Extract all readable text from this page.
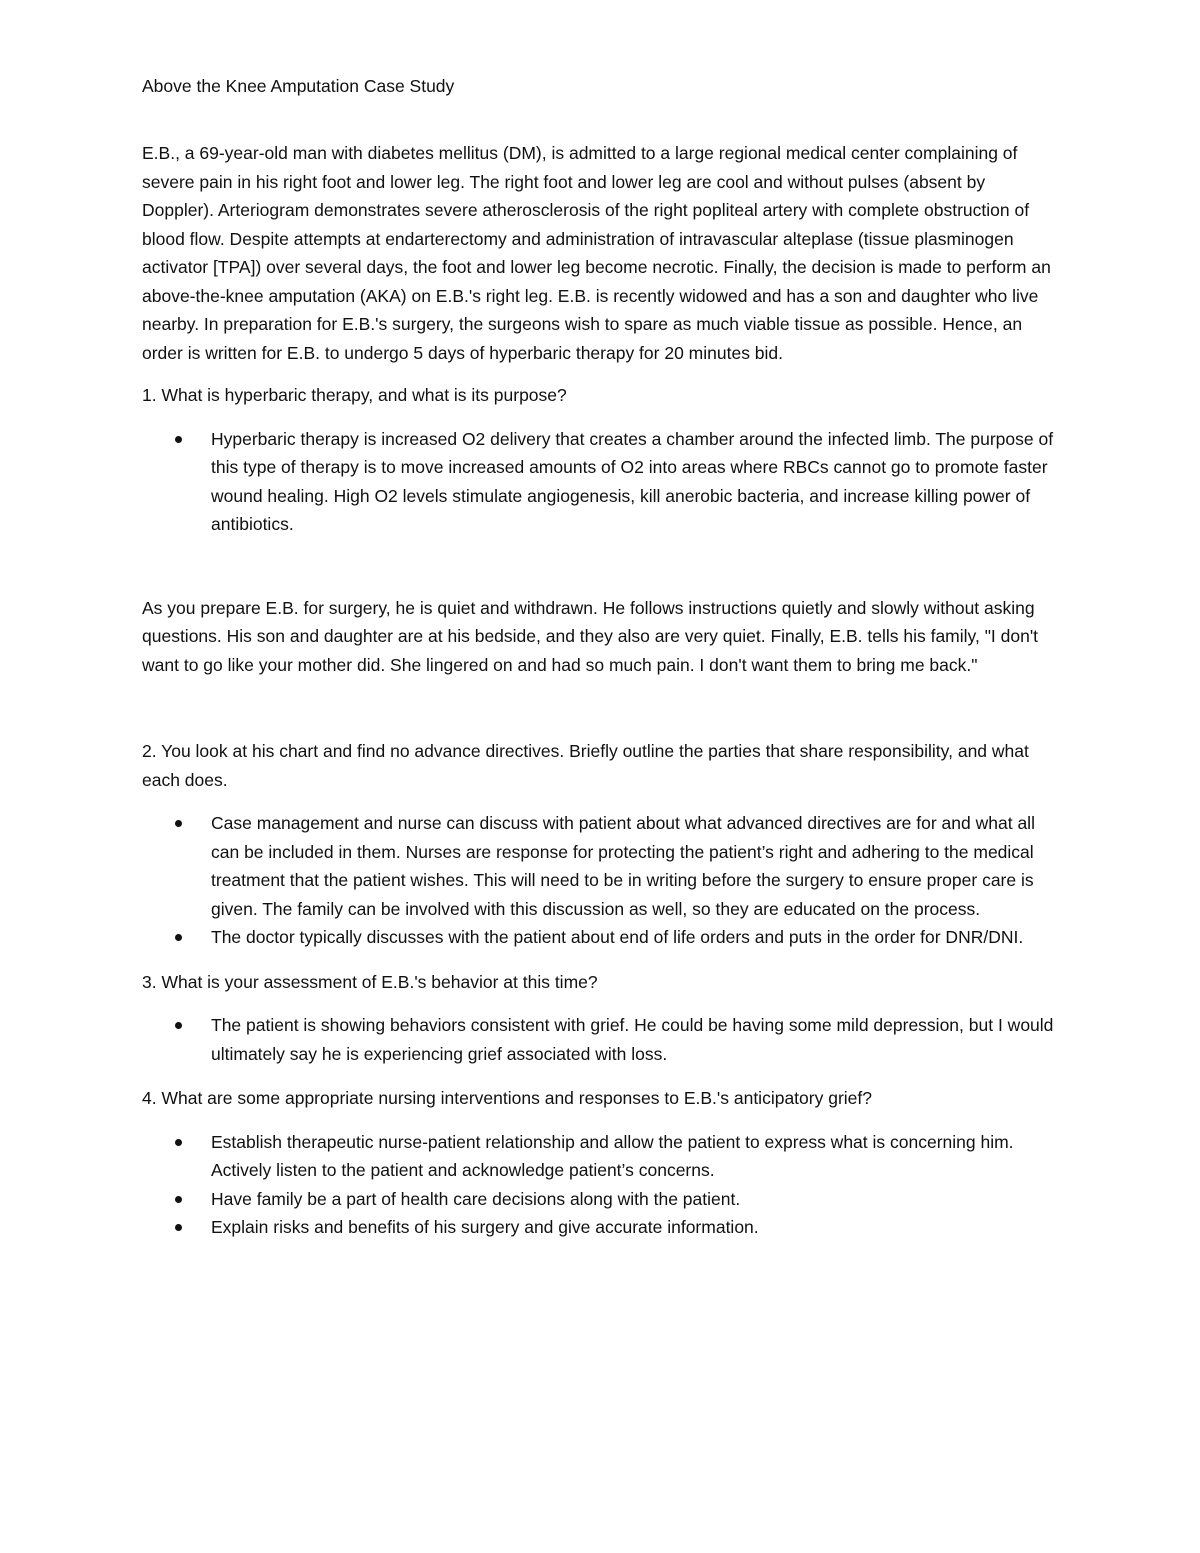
Above the Knee Amputation Case Study

E.B., a 69-year-old man with diabetes mellitus (DM), is admitted to a large regional medical center complaining of severe pain in his right foot and lower leg. The right foot and lower leg are cool and without pulses (absent by Doppler). Arteriogram demonstrates severe atherosclerosis of the right popliteal artery with complete obstruction of blood flow. Despite attempts at endarterectomy and administration of intravascular alteplase (tissue plasminogen activator [TPA]) over several days, the foot and lower leg become necrotic. Finally, the decision is made to perform an above-the-knee amputation (AKA) on E.B.'s right leg. E.B. is recently widowed and has a son and daughter who live nearby. In preparation for E.B.'s surgery, the surgeons wish to spare as much viable tissue as possible. Hence, an order is written for E.B. to undergo 5 days of hyperbaric therapy for 20 minutes bid.

1. What is hyperbaric therapy, and what is its purpose?

Hyperbaric therapy is increased O2 delivery that creates a chamber around the infected limb. The purpose of this type of therapy is to move increased amounts of O2 into areas where RBCs cannot go to promote faster wound healing. High O2 levels stimulate angiogenesis, kill anerobic bacteria, and increase killing power of antibiotics.

As you prepare E.B. for surgery, he is quiet and withdrawn. He follows instructions quietly and slowly without asking questions. His son and daughter are at his bedside, and they also are very quiet. Finally, E.B. tells his family, "I don't want to go like your mother did. She lingered on and had so much pain. I don't want them to bring me back."

2. You look at his chart and find no advance directives. Briefly outline the parties that share responsibility, and what each does.

Case management and nurse can discuss with patient about what advanced directives are for and what all can be included in them. Nurses are response for protecting the patient’s right and adhering to the medical treatment that the patient wishes. This will need to be in writing before the surgery to ensure proper care is given. The family can be involved with this discussion as well, so they are educated on the process.
The doctor typically discusses with the patient about end of life orders and puts in the order for DNR/DNI.

3. What is your assessment of E.B.'s behavior at this time?

The patient is showing behaviors consistent with grief. He could be having some mild depression, but I would ultimately say he is experiencing grief associated with loss.

4. What are some appropriate nursing interventions and responses to E.B.'s anticipatory grief?

Establish therapeutic nurse-patient relationship and allow the patient to express what is concerning him. Actively listen to the patient and acknowledge patient’s concerns.
Have family be a part of health care decisions along with the patient.
Explain risks and benefits of his surgery and give accurate information.
